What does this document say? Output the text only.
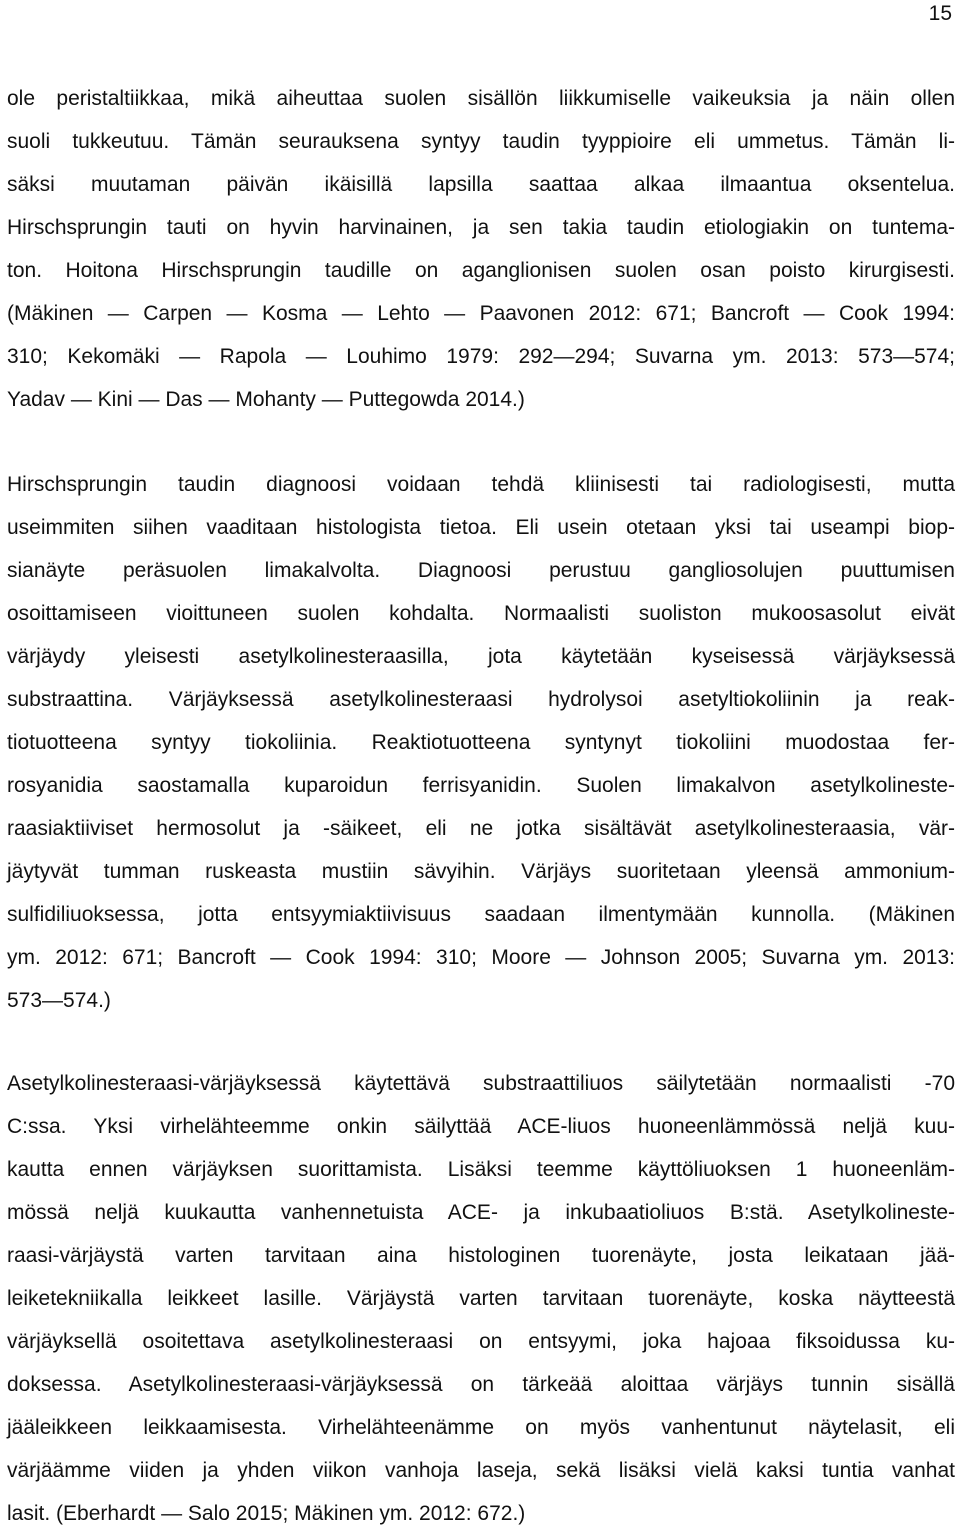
15
ole peristaltiikkaa, mikä aiheuttaa suolen sisällön liikkumiselle vaikeuksia ja näin ollen
suoli tukkeutuu. Tämän seurauksena syntyy taudin tyyppioire eli ummetus. Tämän li-
säksi muutaman päivän ikäisillä lapsilla saattaa alkaa ilmaantua oksentelua.
Hirschsprungin tauti on hyvin harvinainen, ja sen takia taudin etiologiakin on tuntema-
ton. Hoitona Hirschsprungin taudille on aganglionisen suolen osan poisto kirurgisesti.
(Mäkinen — Carpen — Kosma — Lehto — Paavonen 2012: 671; Bancroft — Cook 1994:
310; Kekomäki — Rapola — Louhimo 1979: 292—294; Suvarna ym. 2013: 573—574;
Yadav — Kini — Das — Mohanty — Puttegowda 2014.)
Hirschsprungin taudin diagnoosi voidaan tehdä kliinisesti tai radiologisesti, mutta
useimmiten siihen vaaditaan histologista tietoa. Eli usein otetaan yksi tai useampi biop-
sianäyte peräsuolen limakalvolta. Diagnoosi perustuu gangliosolujen puuttumisen
osoittamiseen vioittuneen suolen kohdalta. Normaalisti suoliston mukoosasolut eivät
värjäydy yleisesti asetylkolinesteraasilla, jota käytetään kyseisessä värjäyksessä
substraattina. Värjäyksessä asetylkolinesteraasi hydrolysoi asetyltiokoliinin ja reak-
tiotuotteena syntyy tiokoliinia. Reaktiotuotteena syntynyt tiokoliini muodostaa fer-
rosyanidia saostamalla kuparoidun ferrisyanidin. Suolen limakalvon asetylkolineste-
raasiaktiiviset hermosolut ja -säikeet, eli ne jotka sisältävät asetylkolinesteraasia, vär-
jäytyvät tumman ruskeasta mustiin sävyihin. Värjäys suoritetaan yleensä ammonium-
sulfidiliuoksessa, jotta entsyymiaktiivisuus saadaan ilmentymään kunnolla. (Mäkinen
ym. 2012: 671; Bancroft — Cook 1994: 310; Moore — Johnson 2005; Suvarna ym. 2013:
573—574.)
Asetylkolinesteraasi-värjäyksessä käytettävä substraattiliuos säilytetään normaalisti -70
C:ssa. Yksi virhelähteemme onkin säilyttää ACE-liuos huoneenlämmössä neljä kuu-
kautta ennen värjäyksen suorittamista. Lisäksi teemme käyttöliuoksen 1 huoneenläm-
mössä neljä kuukautta vanhennetuista ACE- ja inkubaatioliuos B:stä. Asetylkolineste-
raasi-värjäystä varten tarvitaan aina histologinen tuorenäyte, josta leikataan jää-
leiketekniikalla leikkeet lasille. Värjäystä varten tarvitaan tuorenäyte, koska näytteestä
värjäyksellä osoitettava asetylkolinesteraasi on entsyymi, joka hajoaa fiksoidussa ku-
doksessa. Asetylkolinesteraasi-värjäyksessä on tärkeää aloittaa värjäys tunnin sisällä
jääleikkeen leikkaamisesta. Virhelähteenämme on myös vanhentunut näytelasit, eli
värjäämme viiden ja yhden viikon vanhoja laseja, sekä lisäksi vielä kaksi tuntia vanhat
lasit. (Eberhardt — Salo 2015; Mäkinen ym. 2012: 672.)
